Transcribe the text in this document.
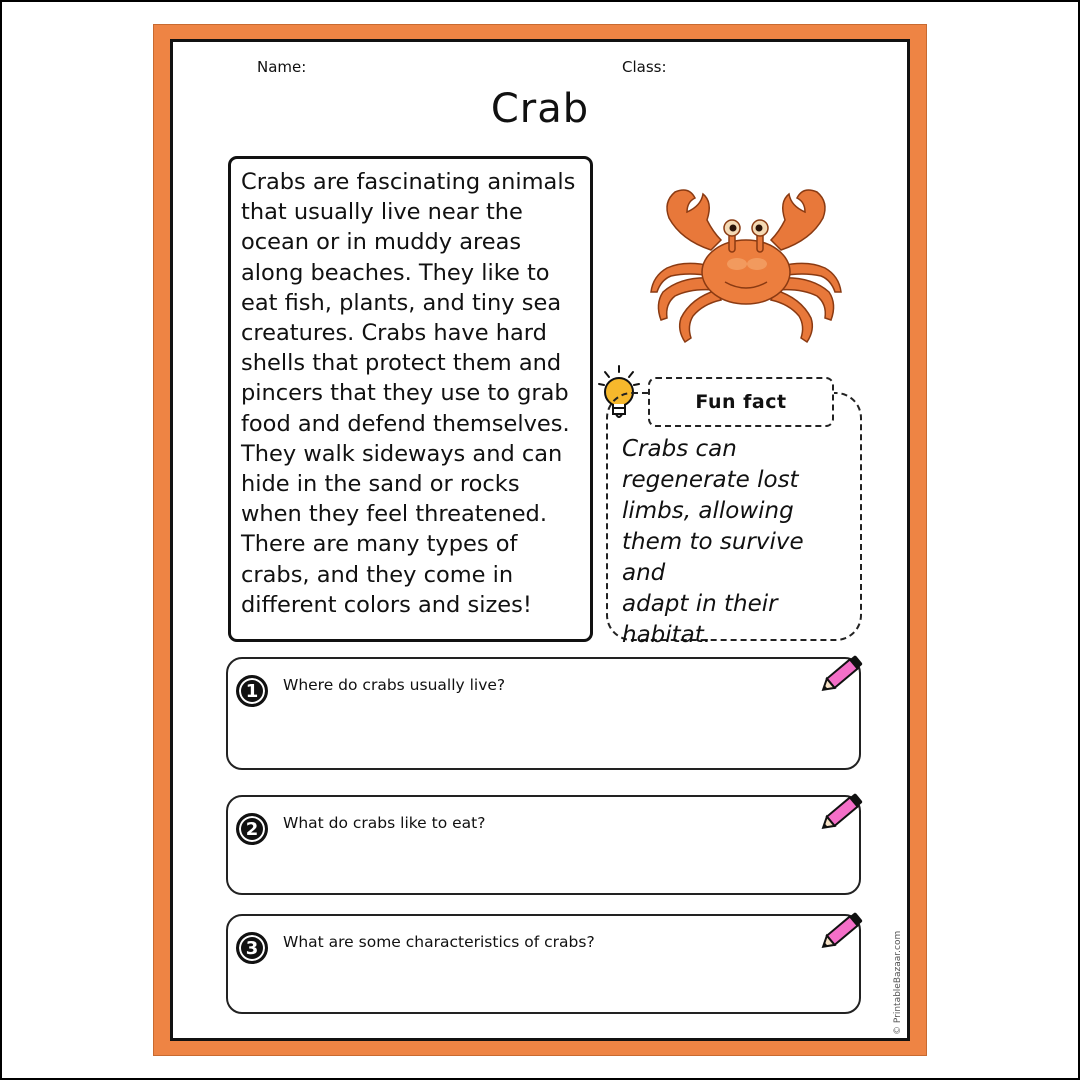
Name:	Class:
Crab
Crabs are fascinating animals
that usually live near the
ocean or in muddy areas
along beaches. They like to
eat fish, plants, and tiny sea
creatures. Crabs have hard
shells that protect them and
pincers that they use to grab
food and defend themselves.
They walk sideways and can
hide in the sand or rocks
when they feel threatened.
There are many types of
crabs, and they come in
different colors and sizes!
Crabs can
regenerate lost
limbs, allowing
them to survive and
adapt in their
habitat.
Fun fact
1	Where do crabs usually live?
2	What do crabs like to eat?
3	What are some characteristics of crabs?	© PrintableBazaar.com
